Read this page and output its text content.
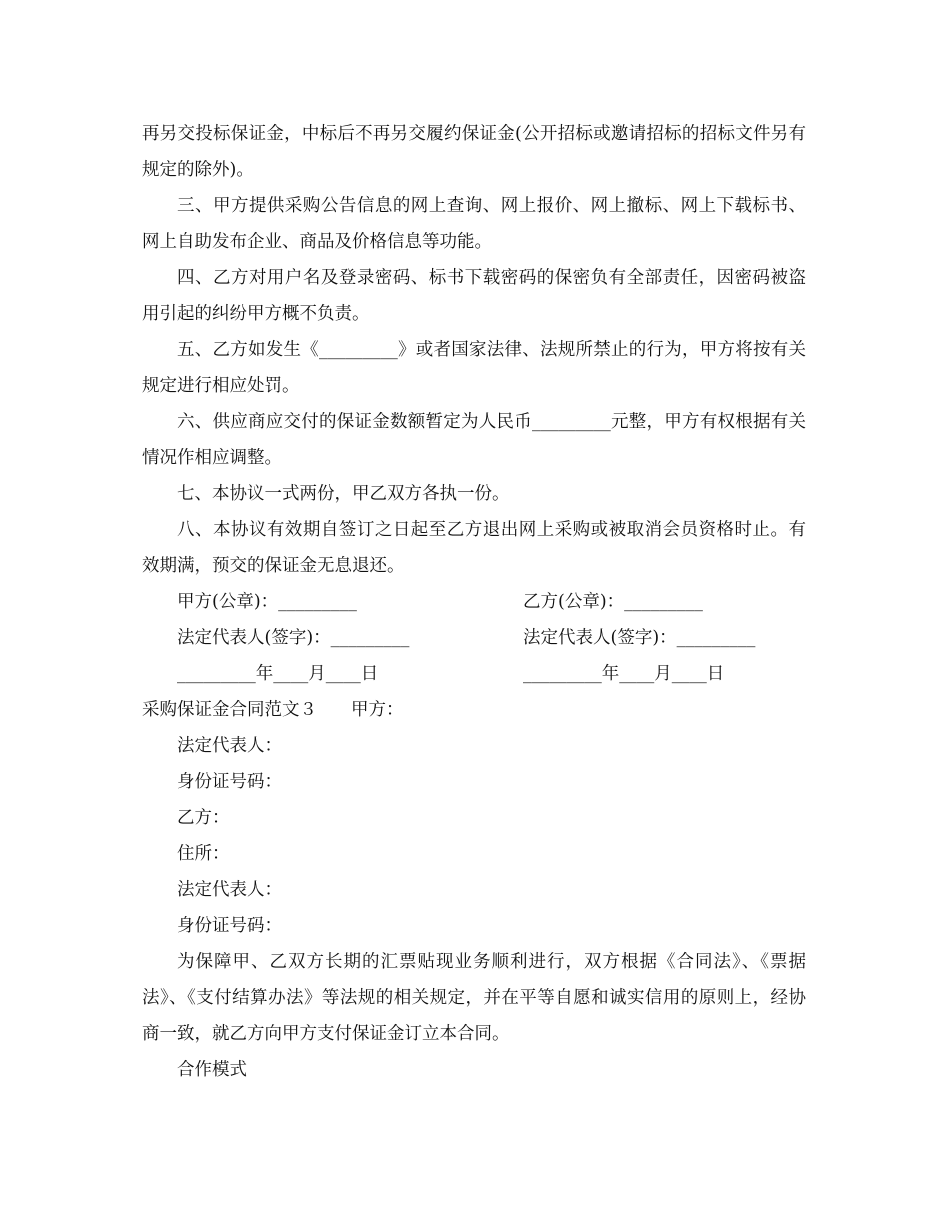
再另交投标保证金，中标后不再另交履约保证金(公开招标或邀请招标的招标文件另有规定的除外)。

三、甲方提供采购公告信息的网上查询、网上报价、网上撤标、网上下载标书、网上自助发布企业、商品及价格信息等功能。

四、乙方对用户名及登录密码、标书下载密码的保密负有全部责任，因密码被盗用引起的纠纷甲方概不负责。

五、乙方如发生《_________》或者国家法律、法规所禁止的行为，甲方将按有关规定进行相应处罚。

六、供应商应交付的保证金数额暂定为人民币_________元整，甲方有权根据有关情况作相应调整。

七、本协议一式两份，甲乙双方各执一份。

八、本协议有效期自签订之日起至乙方退出网上采购或被取消会员资格时止。有效期满，预交的保证金无息退还。

甲方(公章)：_________	乙方(公章)：_________
法定代表人(签字)：_________	法定代表人(签字)：_________
_________年____月____日	_________年____月____日
采购保证金合同范文３ 甲方：
法定代表人：
身份证号码：
乙方：
住所：
法定代表人：
身份证号码：

为保障甲、乙双方长期的汇票贴现业务顺利进行，双方根据《合同法》、《票据法》、《支付结算办法》等法规的相关规定，并在平等自愿和诚实信用的原则上，经协商一致，就乙方向甲方支付保证金订立本合同。

合作模式
